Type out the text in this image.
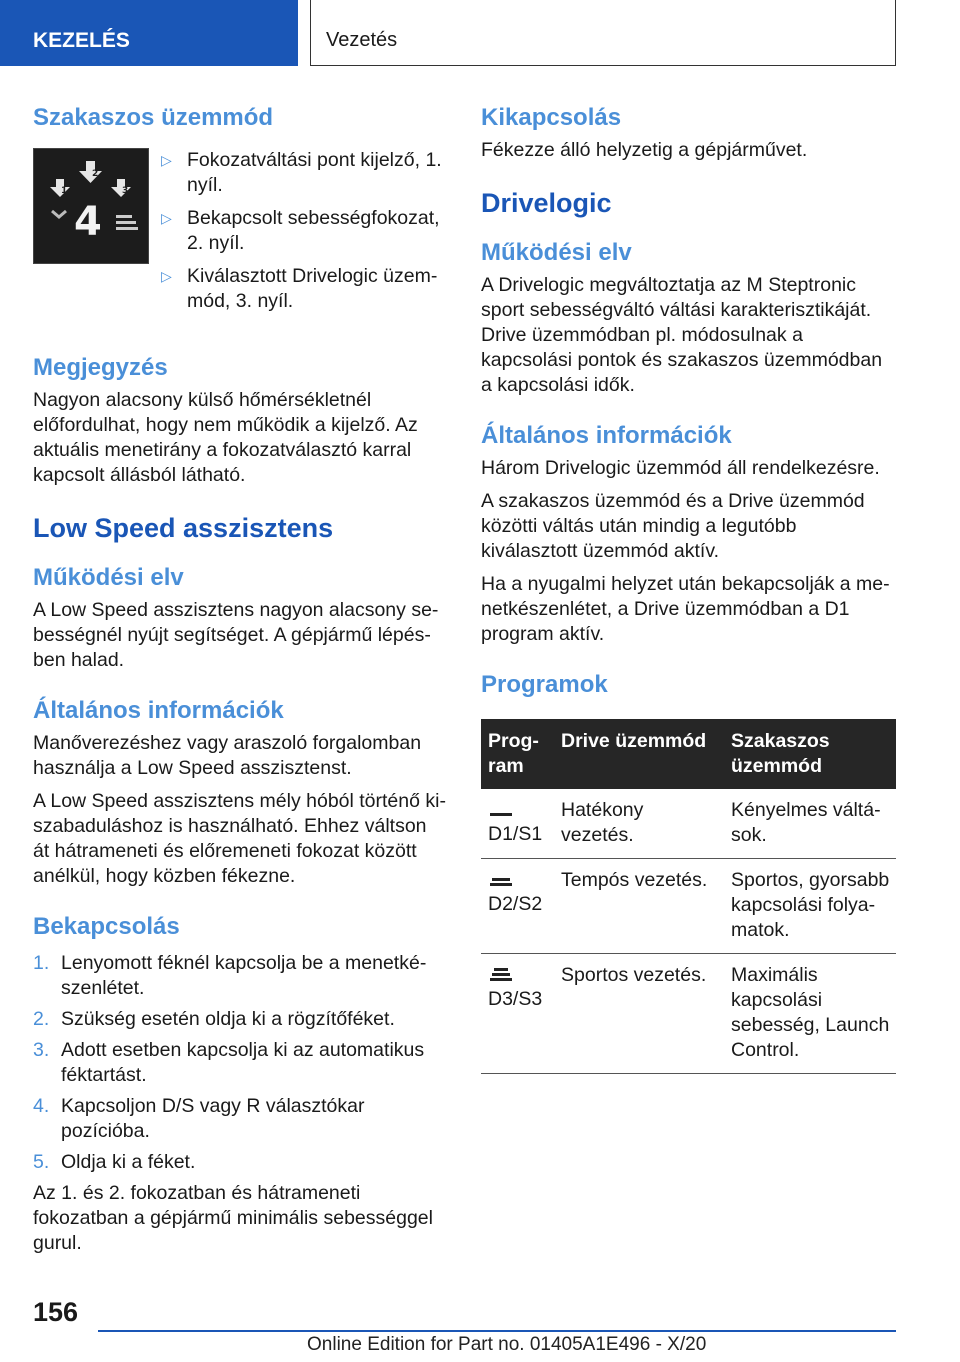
KEZELÉS	Vezetés
Szakaszos üzemmód
1
2
3
4
▷ Fokozatváltási pont kijelző, 1. nyíl.
▷ Bekapcsolt sebességfokozat, 2. nyíl.
▷ Kiválasztott Drivelogic üzemmód, 3. nyíl.
Megjegyzés

Nagyon alacsony külső hőmérsékletnél előfordulhat, hogy nem működik a kijelző. Az aktuális menetirány a fokozatválasztó karral kapcsolt állásból látható.

Low Speed asszisztens
Működési elv

A Low Speed asszisztens nagyon alacsony sebességnél nyújt segítséget. A gépjármű lépésben halad.

Általános információk

Manőverezéshez vagy araszoló forgalomban használja a Low Speed asszisztenst.

A Low Speed asszisztens mély hóból történő kiszabaduláshoz is használható. Ehhez váltson át hátrameneti és előremeneti fokozat között anélkül, hogy közben fékezne.

Bekapcsolás
1. Lenyomott féknél kapcsolja be a menetkészenlétet.
2. Szükség esetén oldja ki a rögzítőféket.
3. Adott esetben kapcsolja ki az automatikus féktartást.
4. Kapcsoljon D/S vagy R választókar pozícióba.
5. Oldja ki a féket.

Az 1. és 2. fokozatban és hátrameneti fokozatban a gépjármű minimális sebességgel gurul.

Kikapcsolás

Fékezze álló helyzetig a gépjárművet.

Drivelogic
Működési elv

A Drivelogic megváltoztatja az M Steptronic sport sebességváltó váltási karakterisztikáját. Drive üzemmódban pl. módosulnak a kapcsolási pontok és szakaszos üzemmódban a kapcsolási idők.

Általános információk

Három Drivelogic üzemmód áll rendelkezésre.

A szakaszos üzemmód és a Drive üzemmód közötti váltás után mindig a legutóbb kiválasztott üzemmód aktív.

Ha a nyugalmi helyzet után bekapcsolják a menetkészenlétet, a Drive üzemmódban a D1 program aktív.

Programok
Program	Drive üzemmód	Szakaszos üzemmód

D1/S1	Hatékony vezetés.	Kényelmes váltások.

D2/S2	Tempós vezetés.	Sportos, gyorsabb kapcsolási folyamatok.

D3/S3	Sportos vezetés.	Maximális kapcsolási sebesség, Launch Control.
156
Online Edition for Part no. 01405A1E496 - X/20
